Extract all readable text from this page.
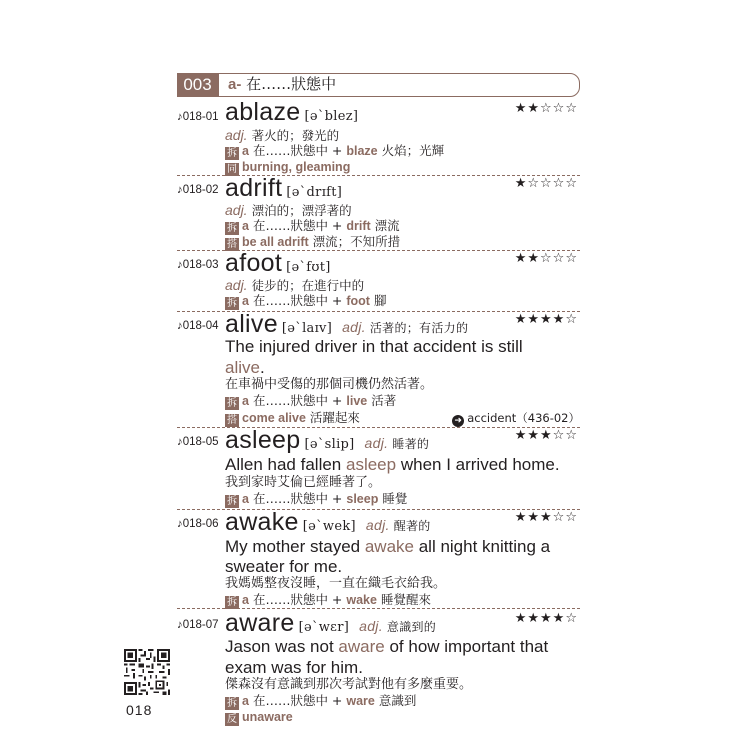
003	a- 在……狀態中
♪018-01 ablaze [əˋblez]
★★☆☆☆
adj. 著火的；發光的
拆 a 在……狀態中 + blaze 火焰；光輝
同 burning, gleaming
♪018-02 adrift [əˋdrɪft]
★☆☆☆☆
adj. 漂泊的；漂浮著的
拆 a 在……狀態中 + drift 漂流
搭 be all adrift 漂流；不知所措
♪018-03 afoot [əˋfʊt]
★★☆☆☆
adj. 徒步的；在進行中的
拆 a 在……狀態中 + foot 腳
♪018-04 alive [əˋlaɪv] adj. 活著的；有活力的
★★★★☆
The injured driver in that accident is still
alive.
在車禍中受傷的那個司機仍然活著。
拆 a 在……狀態中 + live 活著
搭 come alive 活躍起來	➜ accident（436-02）
♪018-05 asleep [əˋslip] adj. 睡著的
★★★☆☆
Allen had fallen asleep when I arrived home.
我到家時艾倫已經睡著了。
拆 a 在……狀態中 + sleep 睡覺
♪018-06 awake [əˋwek] adj. 醒著的
★★★☆☆
My mother stayed awake all night knitting a
sweater for me.
我媽媽整夜沒睡，一直在織毛衣給我。
拆 a 在……狀態中 + wake 睡覺醒來
♪018-07 aware [əˋwɛr] adj. 意識到的
★★★★☆
Jason was not aware of how important that
exam was for him.
傑森沒有意識到那次考試對他有多麼重要。
拆 a 在……狀態中 + ware 意識到
反 unaware
018
